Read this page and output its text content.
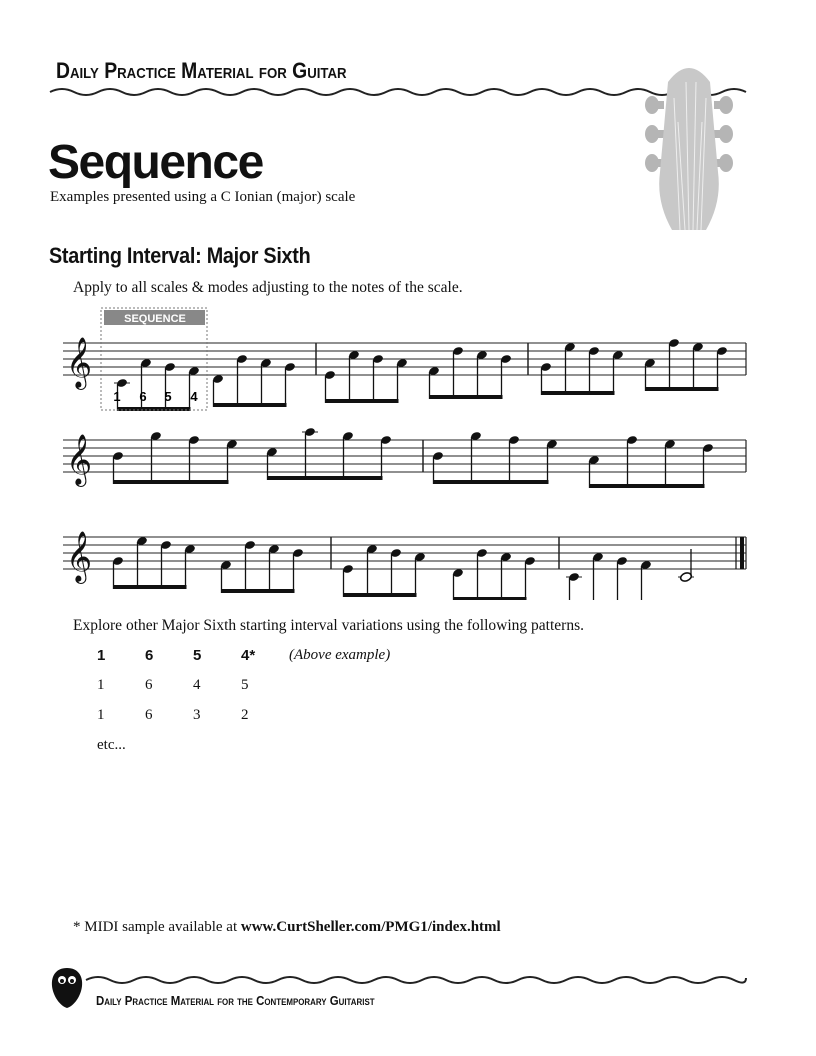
Daily Practice Material for Guitar
Sequence
Examples presented using a C Ionian (major) scale
Starting Interval: Major Sixth
Apply to all scales & modes adjusting to the notes of the scale.
𝄞
𝄞
𝄞
SEQUENCE
1 6 5 4
Explore other Major Sixth starting interval variations using the following patterns.
1	6	5	4* (Above example)
1	6	4	5
1	6	3	2
etc...
* MIDI sample available at www.CurtSheller.com/PMG1/index.html
Daily Practice Material for the Contemporary Guitarist
